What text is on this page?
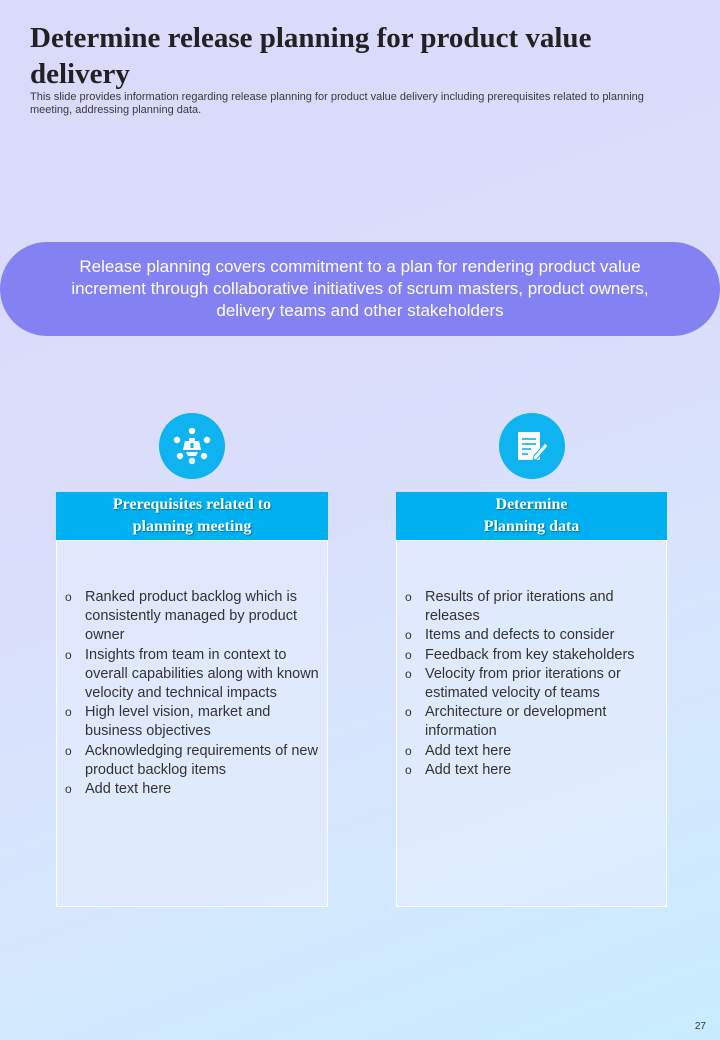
Determine release planning for product value delivery

This slide provides information regarding release planning for product value delivery including prerequisites related to planning meeting, addressing planning data.

Release planning covers commitment to a plan for rendering product value increment through collaborative initiatives of scrum masters, product owners, delivery teams and other stakeholders
Prerequisites related to
planning meeting
o Ranked product backlog which is consistently managed by product owner
o Insights from team in context to overall capabilities along with known velocity and technical impacts
o High level vision, market and business objectives
o Acknowledging requirements of new product backlog items
o Add text here
Determine
Planning data
o Results of prior iterations and releases
o Items and defects to consider
o Feedback from key stakeholders
o Velocity from prior iterations or estimated velocity of teams
o Architecture or development information
o Add text here
o Add text here
27
